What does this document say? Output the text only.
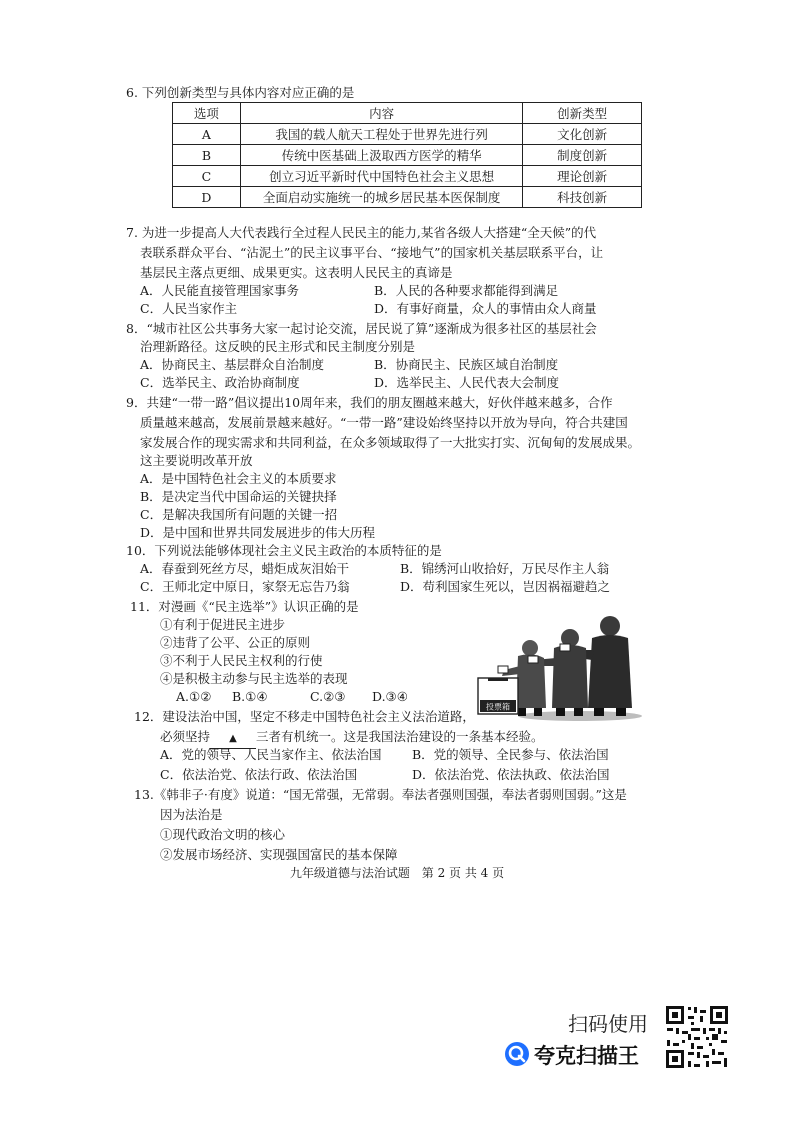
6. 下列创新类型与具体内容对应正确的是
选项	内容	创新类型
A	我国的载人航天工程处于世界先进行列	文化创新
B	传统中医基础上汲取西方医学的精华	制度创新
C	创立习近平新时代中国特色社会主义思想	理论创新
D	全面启动实施统一的城乡居民基本医保制度	科技创新
7. 为进一步提高人大代表践行全过程人民民主的能力,某省各级人大搭建“全天候”的代
表联系群众平台、“沾泥土”的民主议事平台、“接地气”的国家机关基层联系平台，让
基层民主落点更细、成果更实。这表明人民民主的真谛是
A．人民能直接管理国家事务	B．人民的各种要求都能得到满足
C．人民当家作主	D．有事好商量，众人的事情由众人商量
8．“城市社区公共事务大家一起讨论交流，居民说了算”逐渐成为很多社区的基层社会
治理新路径。这反映的民主形式和民主制度分别是
A．协商民主、基层群众自治制度	B．协商民主、民族区域自治制度
C．选举民主、政治协商制度	D．选举民主、人民代表大会制度
9．共建“一带一路”倡议提出10周年来，我们的朋友圈越来越大，好伙伴越来越多，合作
质量越来越高，发展前景越来越好。“一带一路”建设始终坚持以开放为导向，符合共建国
家发展合作的现实需求和共同利益，在众多领域取得了一大批实打实、沉甸甸的发展成果。
这主要说明改革开放
A．是中国特色社会主义的本质要求
B．是决定当代中国命运的关键抉择
C．是解决我国所有问题的关键一招
D．是中国和世界共同发展进步的伟大历程
10．下列说法能够体现社会主义民主政治的本质特征的是
A．春蚕到死丝方尽，蜡炬成灰泪始干	B．锦绣河山收拾好，万民尽作主人翁
C．王师北定中原日，家祭无忘告乃翁	D．苟利国家生死以，岂因祸福避趋之
11．对漫画《“民主选举”》认识正确的是
①有利于促进民主进步
②违背了公平、公正的原则
③不利于人民民主权利的行使
④是积极主动参与民主选举的表现
A.①② B.①④	C.②③ D.③④
投票箱
12．建设法治中国，坚定不移走中国特色社会主义法治道路，
必须坚持 ▲ 三者有机统一。这是我国法治建设的一条基本经验。
A．党的领导、人民当家作主、依法治国 B．党的领导、全民参与、依法治国
C．依法治党、依法行政、依法治国	D．依法治党、依法执政、依法治国
13.《韩非子·有度》说道：“国无常强，无常弱。奉法者强则国强，奉法者弱则国弱。”这是
因为法治是
①现代政治文明的核心
②发展市场经济、实现强国富民的基本保障
九年级道德与法治试题 第 2 页 共 4 页
扫码使用
夸克扫描王
